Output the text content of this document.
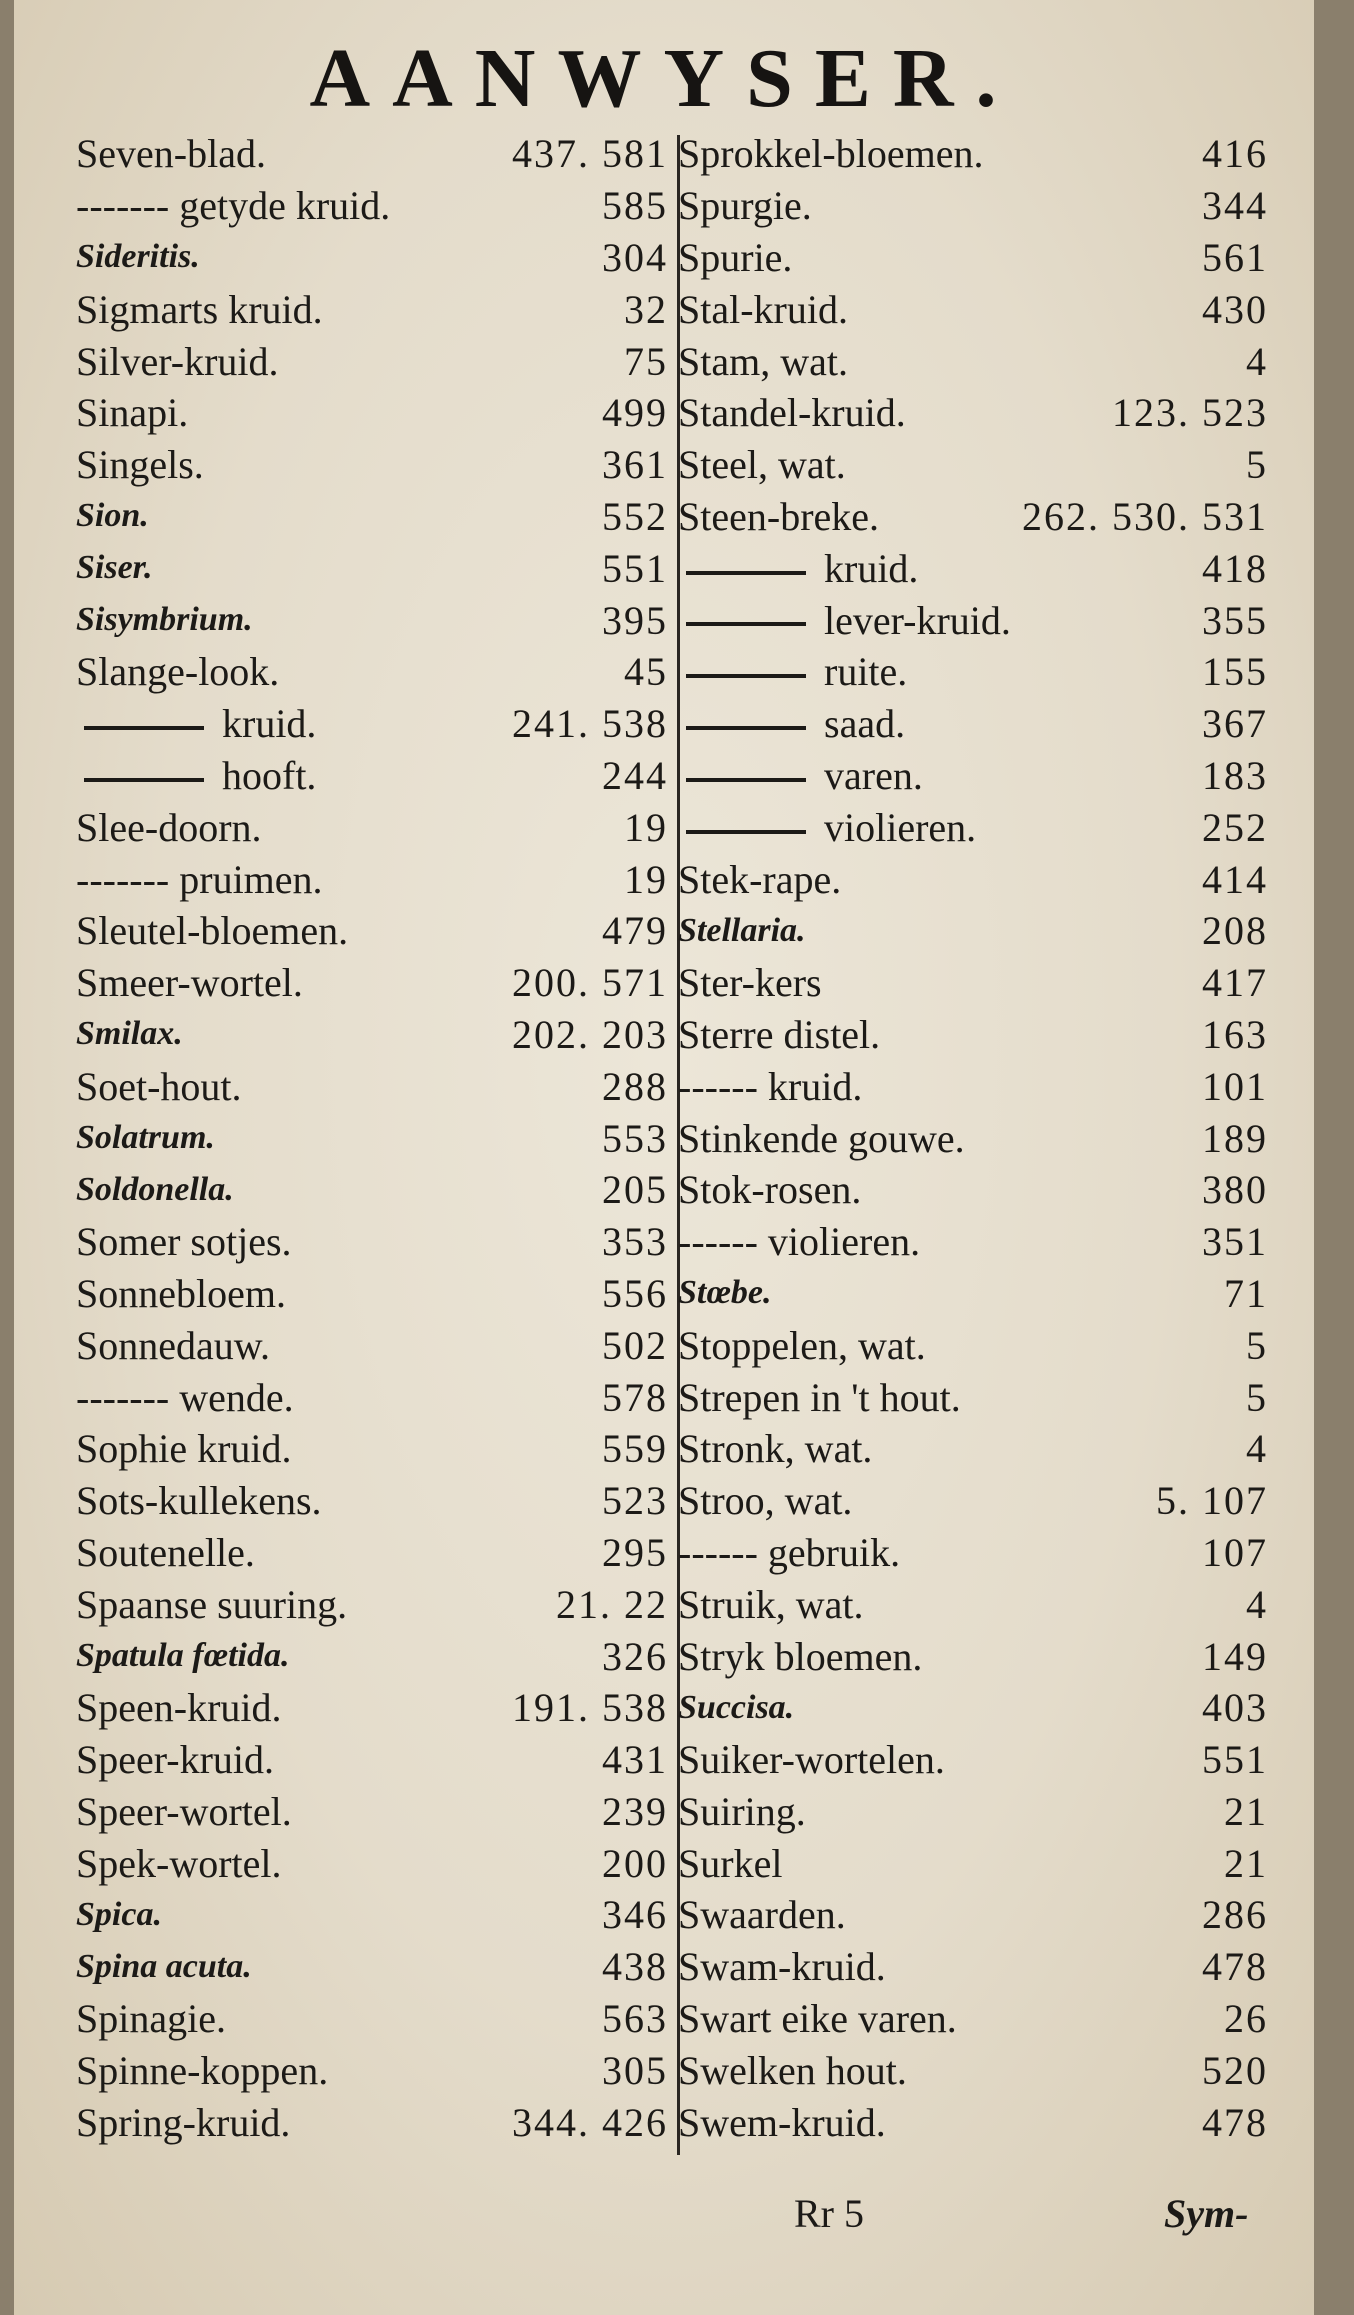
AANWYSER.
Seven-blad.	437. 581
------- getyde kruid.	585
Sideritis.	304
Sigmarts kruid.	32
Silver-kruid.	75
Sinapi.	499
Singels.	361
Sion.	552
Siser.	551
Sisymbrium.	395
Slange-look.	45
kruid.	241. 538
hooft.	244
Slee-doorn.	19
------- pruimen.	19
Sleutel-bloemen.	479
Smeer-wortel.	200. 571
Smilax.	202. 203
Soet-hout.	288
Solatrum.	553
Soldonella.	205
Somer sotjes.	353
Sonnebloem.	556
Sonnedauw.	502
------- wende.	578
Sophie kruid.	559
Sots-kullekens.	523
Soutenelle.	295
Spaanse suuring.	21. 22
Spatula fœtida.	326
Speen-kruid.	191. 538
Speer-kruid.	431
Speer-wortel.	239
Spek-wortel.	200
Spica.	346
Spina acuta.	438
Spinagie.	563
Spinne-koppen.	305
Spring-kruid.	344. 426
Sprokkel-bloemen.	416
Spurgie.	344
Spurie.	561
Stal-kruid.	430
Stam, wat.	4
Standel-kruid.	123. 523
Steel, wat.	5
Steen-breke.	262. 530. 531
kruid.	418
lever-kruid.	355
ruite.	155
saad.	367
varen.	183
violieren.	252
Stek-rape.	414
Stellaria.	208
Ster-kers	417
Sterre distel.	163
------ kruid.	101
Stinkende gouwe.	189
Stok-rosen.	380
------ violieren.	351
Stœbe.	71
Stoppelen, wat.	5
Strepen in 't hout.	5
Stronk, wat.	4
Stroo, wat.	5. 107
------ gebruik.	107
Struik, wat.	4
Stryk bloemen.	149
Succisa.	403
Suiker-wortelen.	551
Suiring.	21
Surkel	21
Swaarden.	286
Swam-kruid.	478
Swart eike varen.	26
Swelken hout.	520
Swem-kruid.	478
Rr 5	Sym-
